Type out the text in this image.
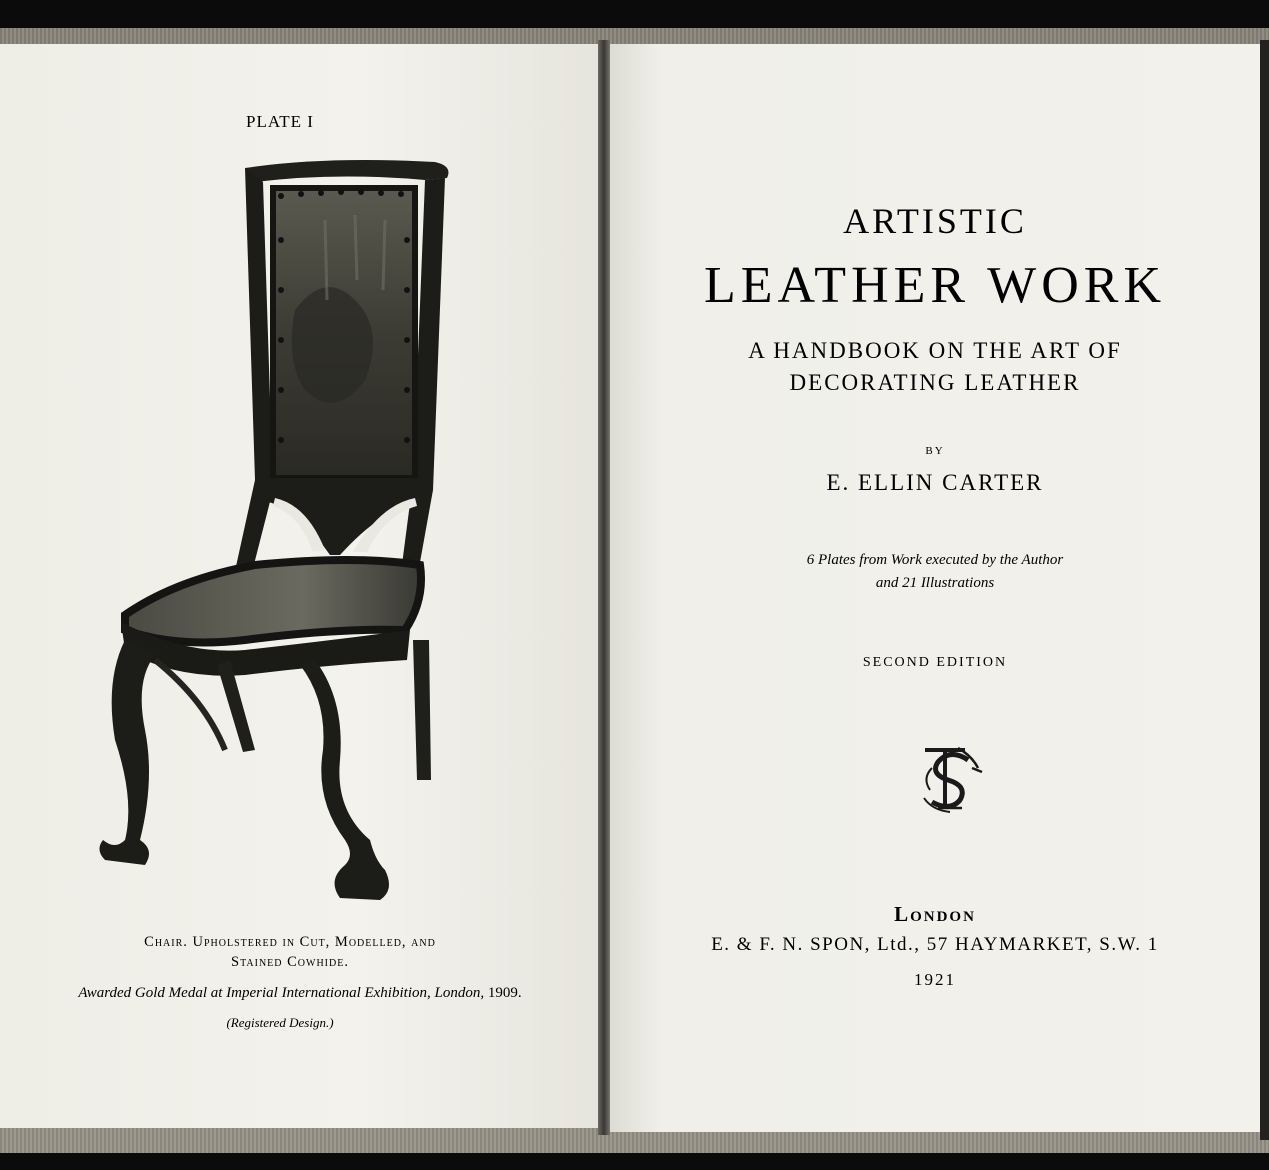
PLATE I
Chair. Upholstered in Cut, Modelled, and
Stained Cowhide.
Awarded Gold Medal at Imperial International Exhibition, London, 1909.
(Registered Design.)
ARTISTIC
LEATHER WORK
A HANDBOOK ON THE ART OF
DECORATING LEATHER
BY
E. ELLIN CARTER
6 Plates from Work executed by the Author
and 21 Illustrations
SECOND EDITION
London
E. & F. N. SPON, Ltd., 57 HAYMARKET, S.W. 1
1921
